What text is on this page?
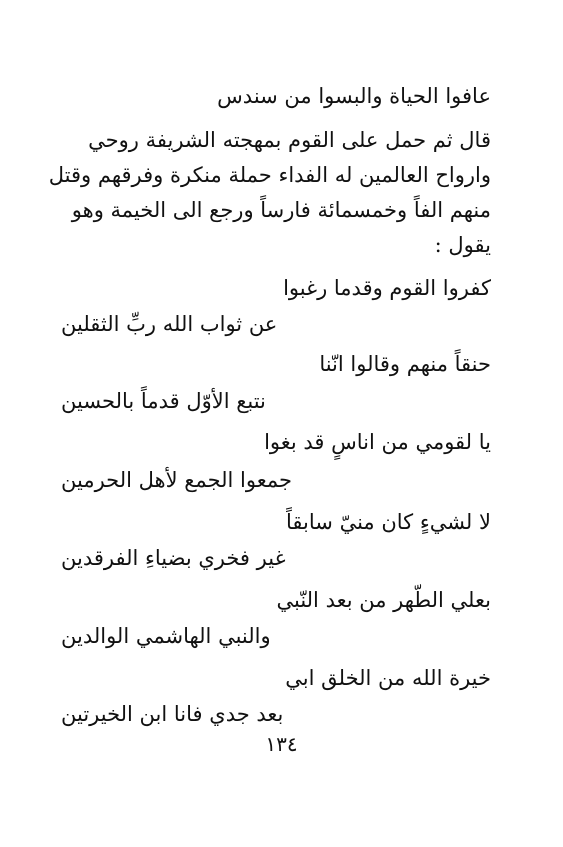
عافوا الحياة والبسوا من سندس
قال ثم حمل على القوم بمهجته الشريفة روحي
وارواح العالمين له الفداء حملة منكرة وفرقهم وقتل
منهم الفاً وخمسمائة فارساً ورجع الى الخيمة وهو
يقول :
كفروا القوم وقدما رغبوا
عن ثواب الله ربِّ الثقلين
حنقاً منهم وقالوا انّنا
نتبع الأوّل قدماً بالحسين
يا لقومي من اناسٍ قد بغوا
جمعوا الجمع لأهل الحرمين
لا لشيءٍ كان منيّ سابقاً
غير فخري بضياءِ الفرقدين
بعلي الطّهر من بعد النّبي
والنبي الهاشمي الوالدين
خيرة الله من الخلق ابي
بعد جدي فانا ابن الخيرتين
١٣٤
